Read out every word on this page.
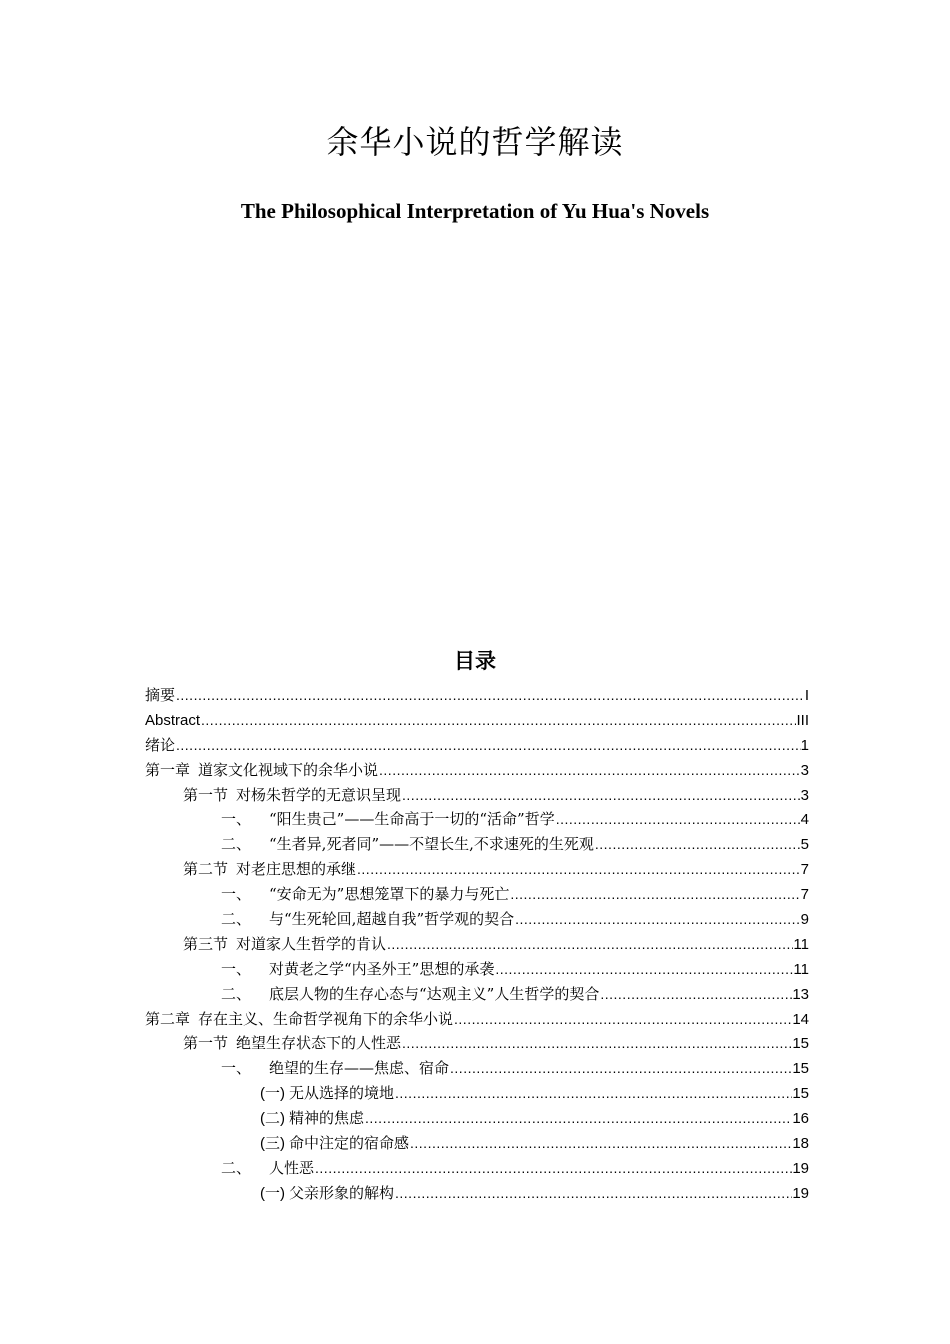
余华小说的哲学解读
The Philosophical Interpretation of Yu Hua's Novels
目录
摘要 .....	I
Abstract .....	III
绪论 .....	1
第一章 道家文化视域下的余华小说 .....	3
第一节 对杨朱哲学的无意识呈现 .....	3
一、 “阳生贵己”——生命高于一切的“活命”哲学 .....	4
二、 “生者异,死者同”——不望长生,不求速死的生死观 .....	5
第二节 对老庄思想的承继 .....	7
一、 “安命无为”思想笼罩下的暴力与死亡 .....	7
二、 与“生死轮回,超越自我”哲学观的契合 .....	9
第三节 对道家人生哲学的肯认 .....	11
一、 对黄老之学“内圣外王”思想的承袭 .....	11
二、 底层人物的生存心态与“达观主义”人生哲学的契合 .....	13
第二章 存在主义、生命哲学视角下的余华小说 .....	14
第一节 绝望生存状态下的人性恶 .....	15
一、 绝望的生存——焦虑、宿命 .....	15
(一) 无从选择的境地 .....	15
(二) 精神的焦虑 .....	16
(三) 命中注定的宿命感 .....	18
二、 人性恶 .....	19
(一) 父亲形象的解构 .....	19
